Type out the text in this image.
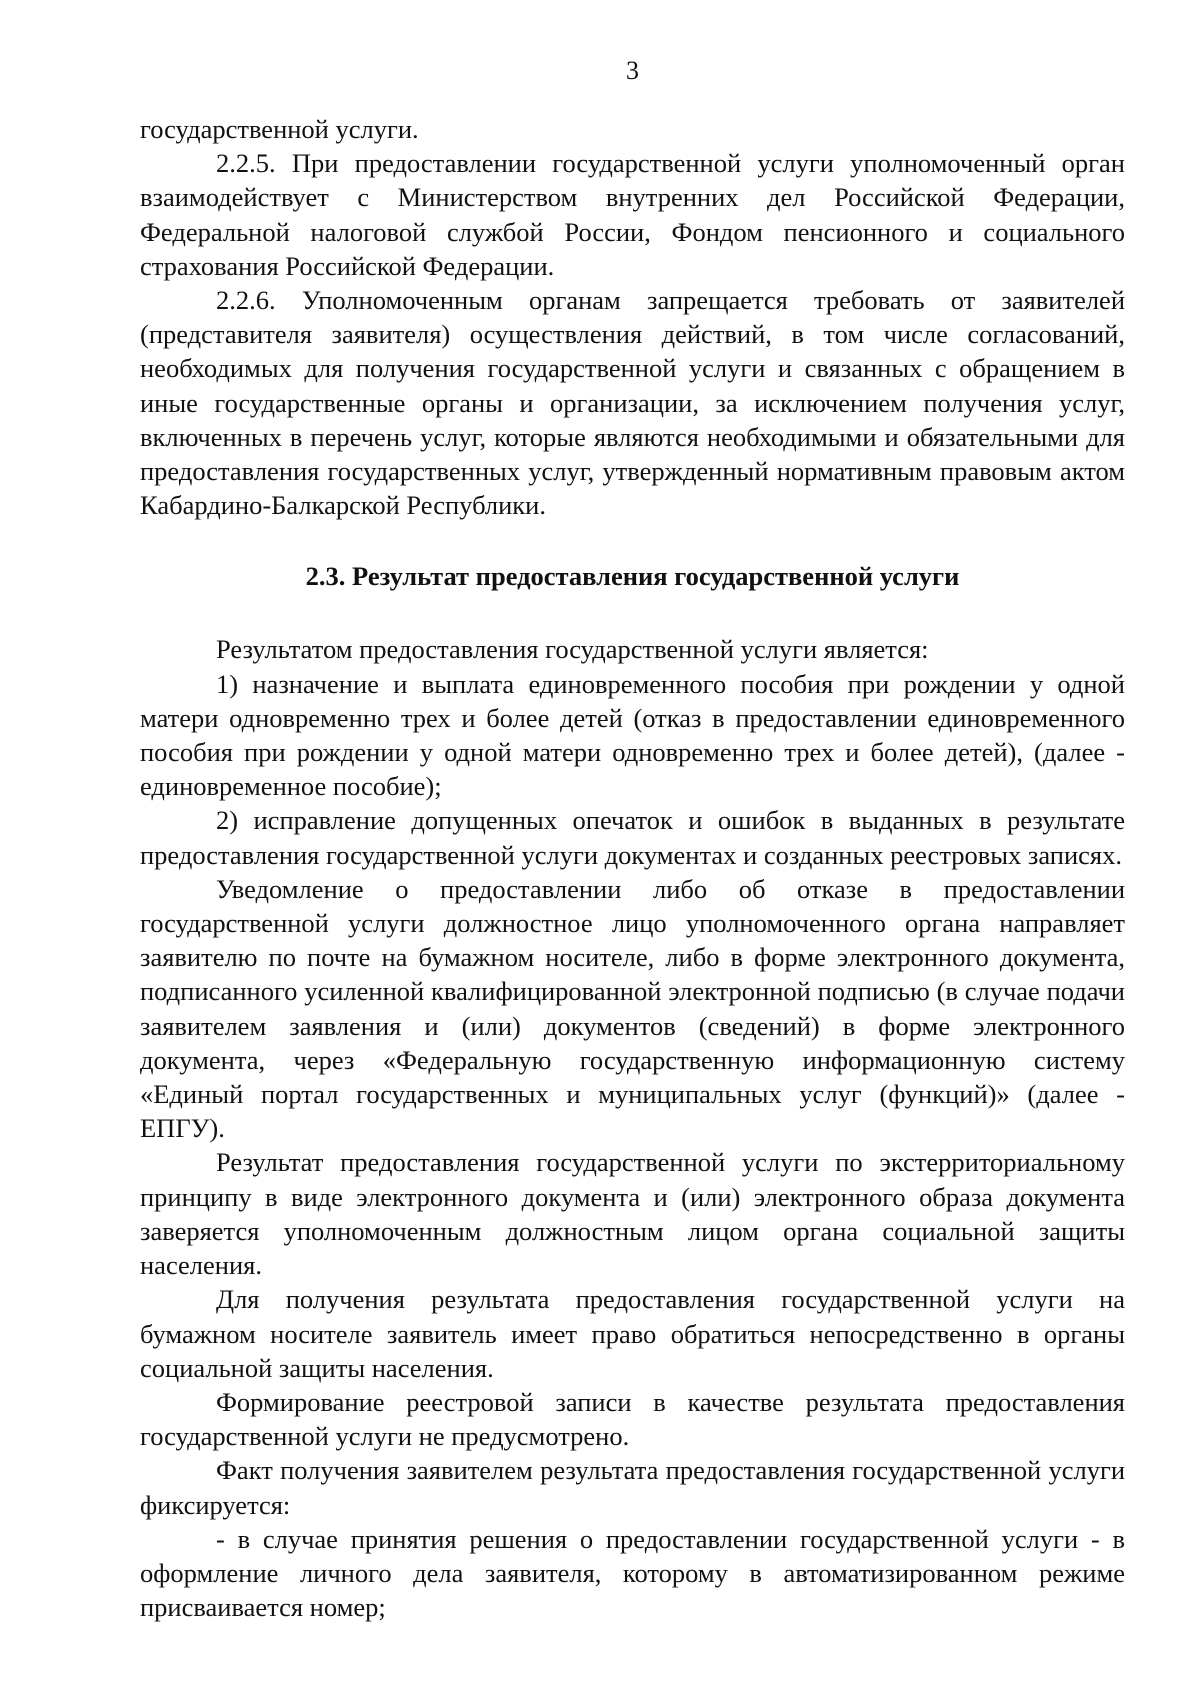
3

государственной услуги.

2.2.5. При предоставлении государственной услуги уполномоченный орган взаимодействует с Министерством внутренних дел Российской Федерации, Федеральной налоговой службой России, Фондом пенсионного и социального страхования Российской Федерации.

2.2.6. Уполномоченным органам запрещается требовать от заявителей (представителя заявителя) осуществления действий, в том числе согласований, необходимых для получения государственной услуги и связанных с обращением в иные государственные органы и организации, за исключением получения услуг, включенных в перечень услуг, которые являются необходимыми и обязательными для предоставления государственных услуг, утвержденный нормативным правовым актом Кабардино-Балкарской Республики.

2.3. Результат предоставления государственной услуги

Результатом предоставления государственной услуги является:

1) назначение и выплата единовременного пособия при рождении у одной матери одновременно трех и более детей (отказ в предоставлении единовременного пособия при рождении у одной матери одновременно трех и более детей), (далее - единовременное пособие);

2) исправление допущенных опечаток и ошибок в выданных в результате предоставления государственной услуги документах и созданных реестровых записях.

Уведомление о предоставлении либо об отказе в предоставлении государственной услуги должностное лицо уполномоченного органа направляет заявителю по почте на бумажном носителе, либо в форме электронного документа, подписанного усиленной квалифицированной электронной подписью (в случае подачи заявителем заявления и (или) документов (сведений) в форме электронного документа, через «Федеральную государственную информационную систему «Единый портал государственных и муниципальных услуг (функций)» (далее - ЕПГУ).

Результат предоставления государственной услуги по экстерриториальному принципу в виде электронного документа и (или) электронного образа документа заверяется уполномоченным должностным лицом органа социальной защиты населения.

Для получения результата предоставления государственной услуги на бумажном носителе заявитель имеет право обратиться непосредственно в органы социальной защиты населения.

Формирование реестровой записи в качестве результата предоставления государственной услуги не предусмотрено.

Факт получения заявителем результата предоставления государственной услуги фиксируется:

- в случае принятия решения о предоставлении государственной услуги - в оформление личного дела заявителя, которому в автоматизированном режиме присваивается номер;
